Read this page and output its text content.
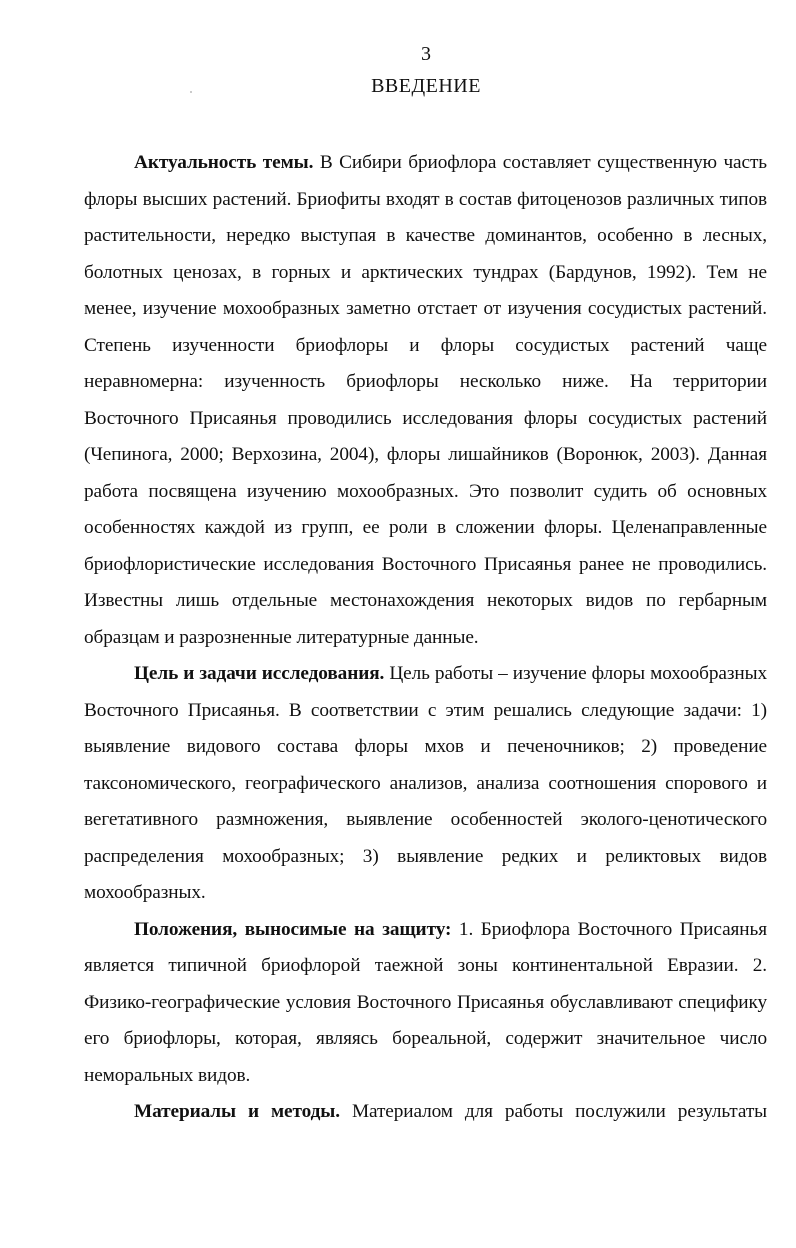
3
ВВЕДЕНИЕ

Актуальность темы. В Сибири бриофлора составляет существенную часть флоры высших растений. Бриофиты входят в состав фитоценозов различных типов растительности, нередко выступая в качестве доминантов, особенно в лесных, болотных ценозах, в горных и арктических тундрах (Бардунов, 1992). Тем не менее, изучение мохообразных заметно отстает от изучения сосудистых растений. Степень изученности бриофлоры и флоры сосудистых растений чаще неравномерна: изученность бриофлоры несколько ниже. На территории Восточного Присаянья проводились исследования флоры сосудистых растений (Чепинога, 2000; Верхозина, 2004), флоры лишайников (Воронюк, 2003). Данная работа посвящена изучению мохообразных. Это позволит судить об основных особенностях каждой из групп, ее роли в сложении флоры. Целенаправленные бриофлористические исследования Восточного Присаянья ранее не проводились. Известны лишь отдельные местонахождения некоторых видов по гербарным образцам и разрозненные литературные данные.

Цель и задачи исследования. Цель работы – изучение флоры мохообразных Восточного Присаянья. В соответствии с этим решались следующие задачи: 1) выявление видового состава флоры мхов и печеночников; 2) проведение таксономического, географического анализов, анализа соотношения спорового и вегетативного размножения, выявление особенностей эколого-ценотического распределения мохообразных; 3) выявление редких и реликтовых видов мохообразных.

Положения, выносимые на защиту: 1. Бриофлора Восточного Присаянья является типичной бриофлорой таежной зоны континентальной Евразии. 2. Физико-географические условия Восточного Присаянья обуславливают специфику его бриофлоры, которая, являясь бореальной, содержит значительное число неморальных видов.

Материалы и методы. Материалом для работы послужили результаты
